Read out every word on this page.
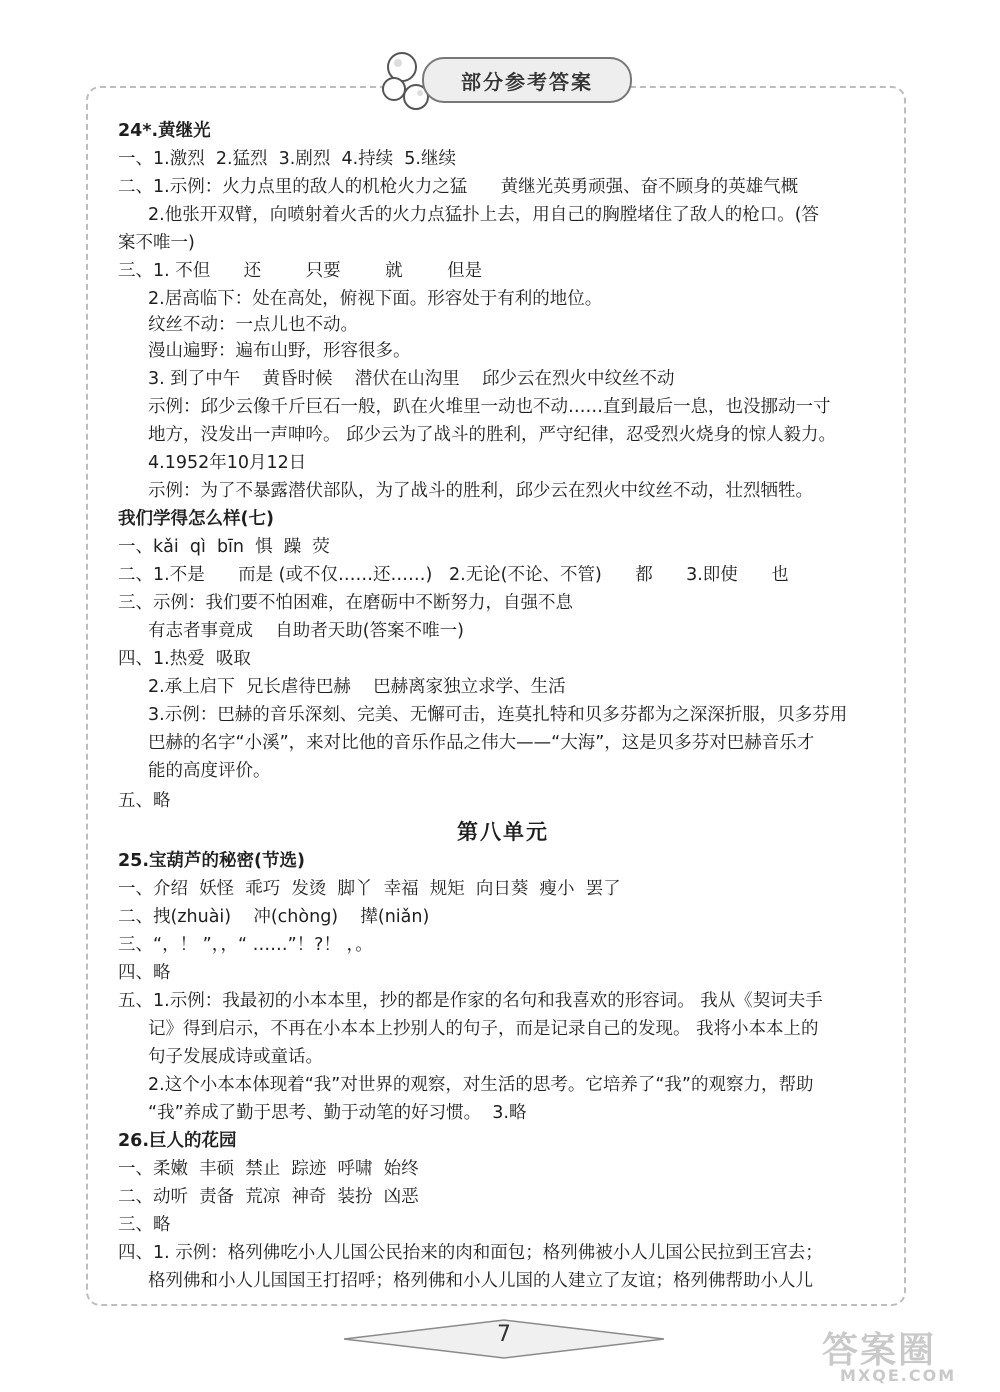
部分参考答案
24*.黄继光
一、1.激烈  2.猛烈  3.剧烈  4.持续  5.继续
二、1.示例：火力点里的敌人的机枪火力之猛      黄继光英勇顽强、奋不顾身的英雄气概
2.他张开双臂，向喷射着火舌的火力点猛扑上去，用自己的胸膛堵住了敌人的枪口。(答
案不唯一)
三、1. 不但      还        只要        就        但是
2.居高临下：处在高处，俯视下面。形容处于有利的地位。
纹丝不动：一点儿也不动。
漫山遍野：遍布山野，形容很多。
3. 到了中午    黄昏时候    潜伏在山沟里    邱少云在烈火中纹丝不动
示例：邱少云像千斤巨石一般，趴在火堆里一动也不动……直到最后一息，也没挪动一寸
地方，没发出一声呻吟。 邱少云为了战斗的胜利，严守纪律，忍受烈火烧身的惊人毅力。
4.1952年10月12日
示例：为了不暴露潜伏部队，为了战斗的胜利，邱少云在烈火中纹丝不动，壮烈牺牲。
我们学得怎么样(七)
一、kǎi  qì  bīn  惧  躁  荧
二、1.不是      而是 (或不仅……还……)   2.无论(不论、不管)      都      3.即使      也
三、示例：我们要不怕困难，在磨砺中不断努力，自强不息
有志者事竟成    自助者天助(答案不唯一)
四、1.热爱  吸取
2.承上启下  兄长虐待巴赫    巴赫离家独立求学、生活
3.示例：巴赫的音乐深刻、完美、无懈可击，连莫扎特和贝多芬都为之深深折服，贝多芬用
巴赫的名字“小溪”，来对比他的音乐作品之伟大——“大海”，这是贝多芬对巴赫音乐才
能的高度评价。
五、略
第八单元
25.宝葫芦的秘密(节选)
一、介绍  妖怪  乖巧  发烫  脚丫  幸福  规矩  向日葵  瘦小  罢了
二、拽(zhuài)    冲(chòng)    撵(niǎn)
三、“，！ ”，，“ ……”！?！ ，。
四、略
五、1.示例：我最初的小本本里，抄的都是作家的名句和我喜欢的形容词。 我从《契诃夫手
记》得到启示，不再在小本本上抄别人的句子，而是记录自己的发现。 我将小本本上的
句子发展成诗或童话。
2.这个小本本体现着“我”对世界的观察，对生活的思考。它培养了“我”的观察力，帮助
“我”养成了勤于思考、勤于动笔的好习惯。  3.略
26.巨人的花园
一、柔嫩  丰硕  禁止  踪迹  呼啸  始终
二、动听  责备  荒凉  神奇  装扮  凶恶
三、略
四、1. 示例：格列佛吃小人儿国公民抬来的肉和面包；格列佛被小人儿国公民拉到王宫去；
格列佛和小人儿国国王打招呼；格列佛和小人儿国的人建立了友谊；格列佛帮助小人儿
7	答案圈
MXQE.COM
